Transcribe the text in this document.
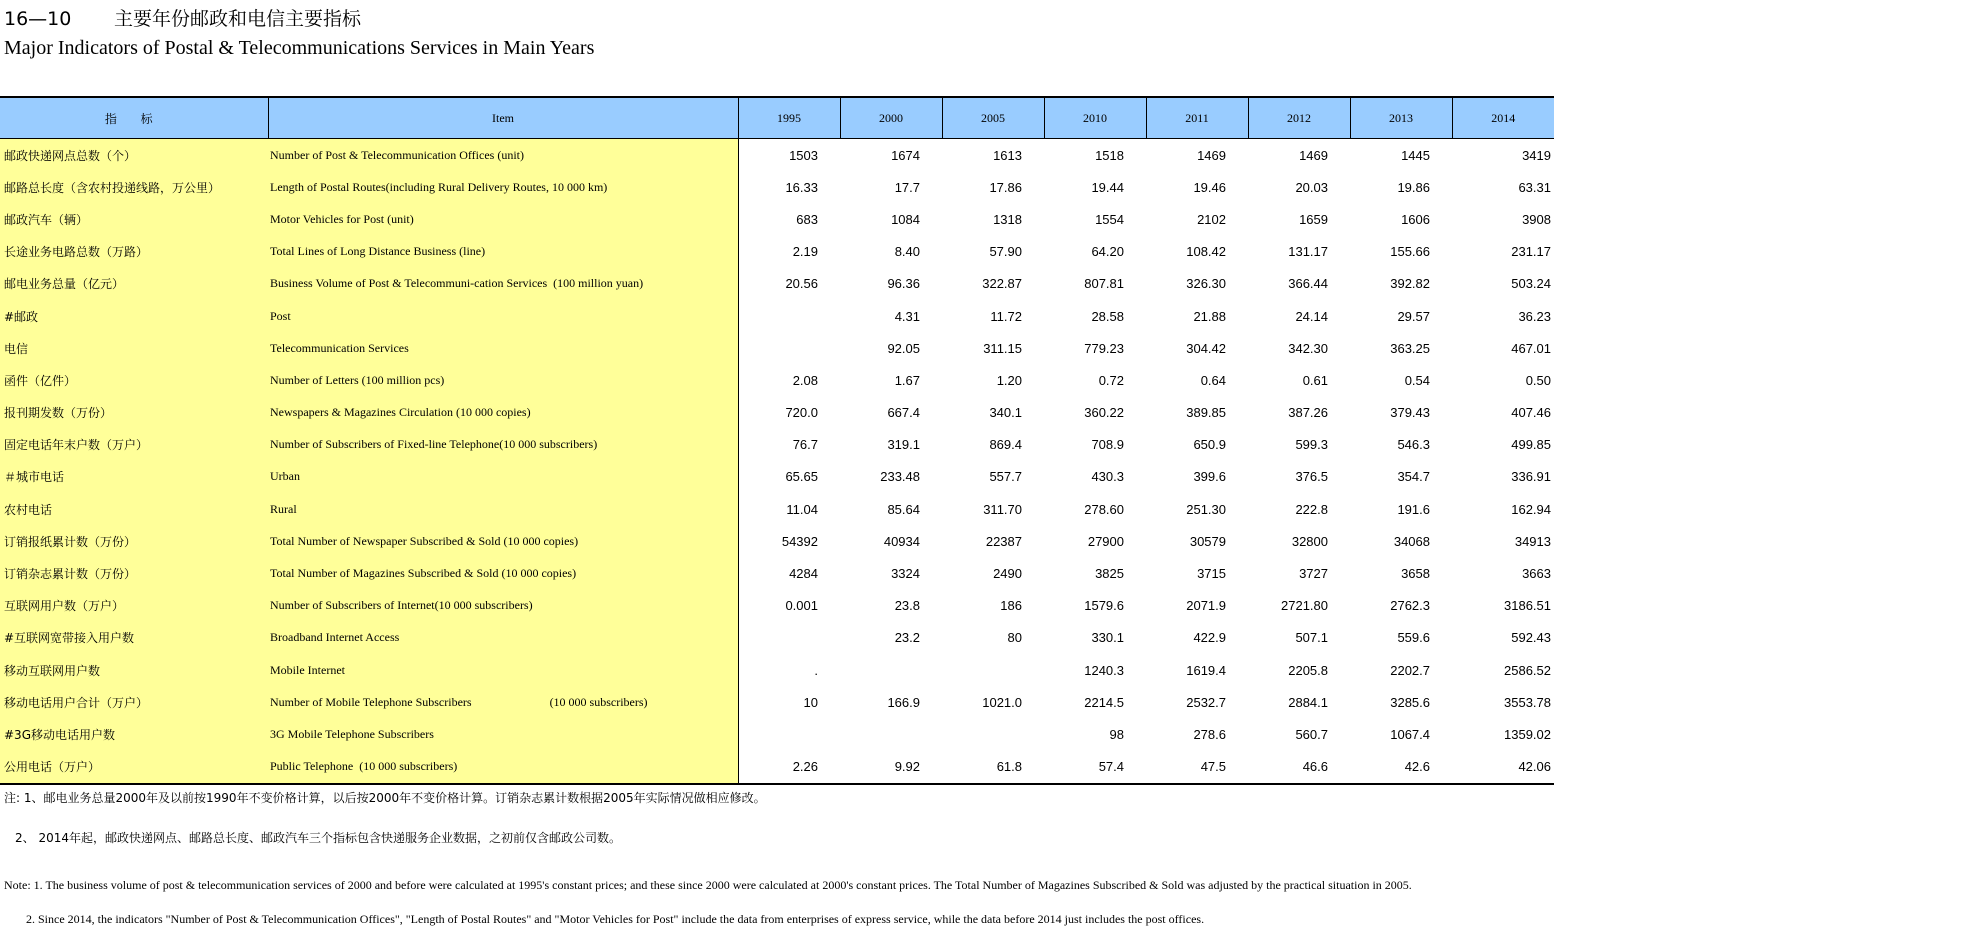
16—10 主要年份邮政和电信主要指标
Major Indicators of Postal & Telecommunications Services in Main Years
指 标	Item	1995	2000	2005	2010	2011	2012	2013	2014
邮政快递网点总数（个）	Number of Post & Telecommunication Offices (unit)	1503	1674	1613	1518	1469	1469	1445	3419
邮路总长度（含农村投递线路，万公里）	Length of Postal Routes(including Rural Delivery Routes, 10 000 km)	16.33	17.7	17.86	19.44	19.46	20.03	19.86	63.31
邮政汽车（辆）	Motor Vehicles for Post (unit)	683	1084	1318	1554	2102	1659	1606	3908
长途业务电路总数（万路）	Total Lines of Long Distance Business (line)	2.19	8.40	57.90	64.20	108.42	131.17	155.66	231.17
邮电业务总量（亿元）	Business Volume of Post & Telecommuni-cation Services  (100 million yuan)	20.56	96.36	322.87	807.81	326.30	366.44	392.82	503.24
#邮政	Post		4.31	11.72	28.58	21.88	24.14	29.57	36.23
电信	Telecommunication Services		92.05	311.15	779.23	304.42	342.30	363.25	467.01
函件（亿件）	Number of Letters (100 million pcs)	2.08	1.67	1.20	0.72	0.64	0.61	0.54	0.50
报刊期发数（万份）	Newspapers & Magazines Circulation (10 000 copies)	720.0	667.4	340.1	360.22	389.85	387.26	379.43	407.46
固定电话年末户数（万户）	Number of Subscribers of Fixed-line Telephone(10 000 subscribers)	76.7	319.1	869.4	708.9	650.9	599.3	546.3	499.85
＃城市电话	Urban	65.65	233.48	557.7	430.3	399.6	376.5	354.7	336.91
农村电话	Rural	11.04	85.64	311.70	278.60	251.30	222.8	191.6	162.94
订销报纸累计数（万份）	Total Number of Newspaper Subscribed & Sold (10 000 copies)	54392	40934	22387	27900	30579	32800	34068	34913
订销杂志累计数（万份）	Total Number of Magazines Subscribed & Sold (10 000 copies)	4284	3324	2490	3825	3715	3727	3658	3663
互联网用户数（万户）	Number of Subscribers of Internet(10 000 subscribers)	0.001	23.8	186	1579.6	2071.9	2721.80	2762.3	3186.51
#互联网宽带接入用户数	Broadband Internet Access		23.2	80	330.1	422.9	507.1	559.6	592.43
移动互联网用户数	Mobile Internet	.			1240.3	1619.4	2205.8	2202.7	2586.52
移动电话用户合计（万户）	Number of Mobile Telephone Subscribers                          (10 000 subscribers)	10	166.9	1021.0	2214.5	2532.7	2884.1	3285.6	3553.78
#3G移动电话用户数	3G Mobile Telephone Subscribers				98	278.6	560.7	1067.4	1359.02
公用电话（万户）	Public Telephone  (10 000 subscribers)	2.26	9.92	61.8	57.4	47.5	46.6	42.6	42.06
注: 1、邮电业务总量2000年及以前按1990年不变价格计算，以后按2000年不变价格计算。订销杂志累计数根据2005年实际情况做相应修改。
2、 2014年起，邮政快递网点、邮路总长度、邮政汽车三个指标包含快递服务企业数据，之初前仅含邮政公司数。
Note: 1. The business volume of post & telecommunication services of 2000 and before were calculated at 1995's constant prices; and these since 2000 were calculated at 2000's constant prices. The Total Number of Magazines Subscribed & Sold was adjusted by the practical situation in 2005.
2. Since 2014, the indicators "Number of Post & Telecommunication Offices", "Length of Postal Routes" and "Motor Vehicles for Post" include the data from enterprises of express service, while the data before 2014 just includes the post offices.
